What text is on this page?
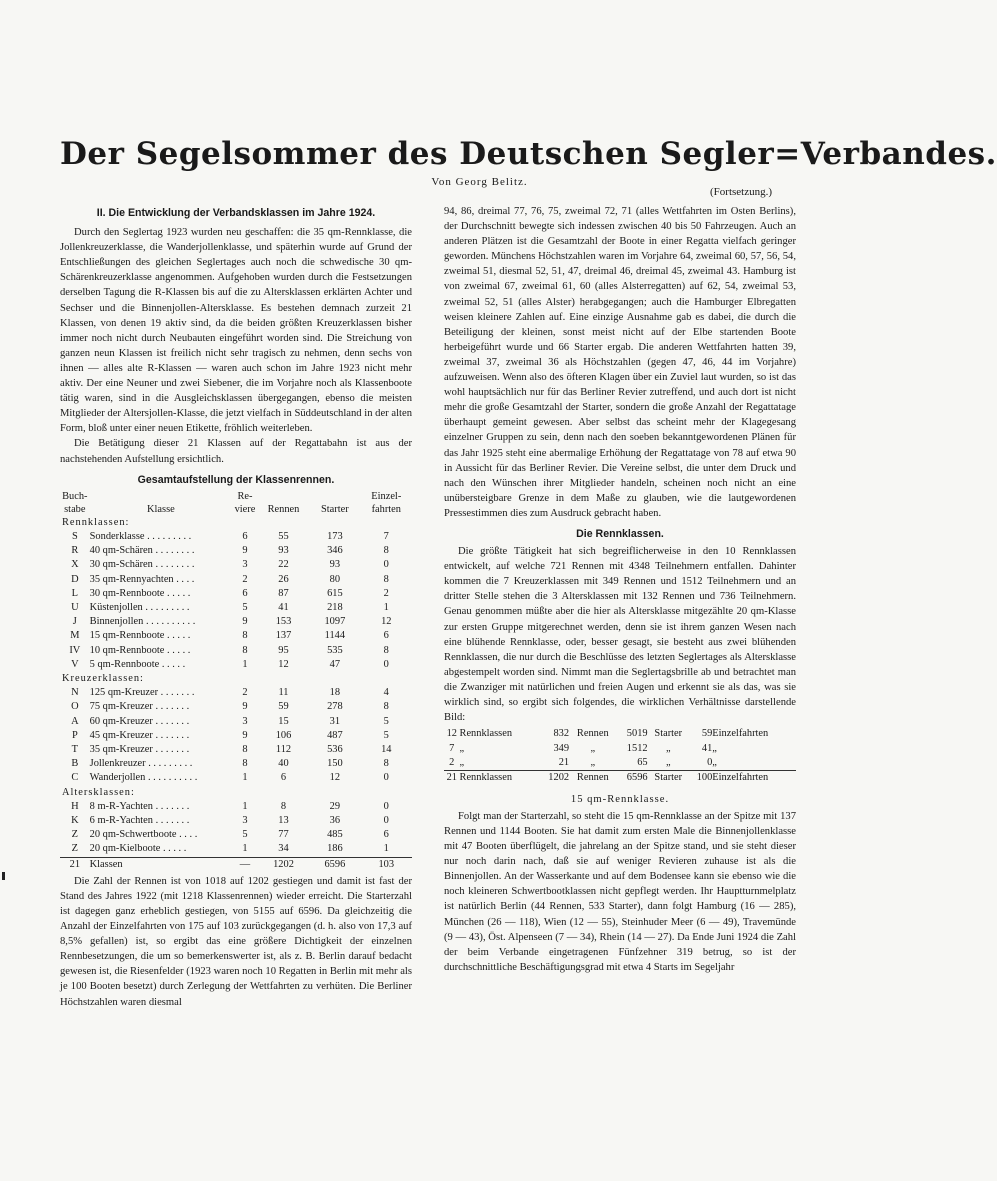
Der Segelsommer des Deutschen Segler=Verbandes.
Von Georg Belitz.
(Fortsetzung.)
II. Die Entwicklung der Verbandsklassen im Jahre 1924.

Durch den Seglertag 1923 wurden neu geschaffen: die 35 qm-Rennklasse, die Jollenkreuzerklasse, die Wanderjollenklasse, und späterhin wurde auf Grund der Entschließungen des gleichen Seglertages auch noch die schwedische 30 qm-Schärenkreuzerklasse angenommen. Aufgehoben wurden durch die Festsetzungen derselben Tagung die R-Klassen bis auf die zu Altersklassen erklärten Achter und Sechser und die Binnenjollen-Altersklasse. Es bestehen demnach zurzeit 21 Klassen, von denen 19 aktiv sind, da die beiden größten Kreuzerklassen bisher immer noch nicht durch Neubauten eingeführt worden sind. Die Streichung von ganzen neun Klassen ist freilich nicht sehr tragisch zu nehmen, denn sechs von ihnen — alles alte R-Klassen — waren auch schon im Jahre 1923 nicht mehr aktiv. Der eine Neuner und zwei Siebener, die im Vorjahre noch als Klassenboote tätig waren, sind in die Ausgleichsklassen übergegangen, ebenso die meisten Mitglieder der Altersjollen-Klasse, die jetzt vielfach in Süddeutschland in der alten Form, bloß unter einer neuen Etikette, fröhlich weiterleben.

Die Betätigung dieser 21 Klassen auf der Regattabahn ist aus der nachstehenden Aufstellung ersichtlich.

Gesamtaufstellung der Klassenrennen.
Buch-
stabe	Klasse	Re-
viere	Rennen	Starter	Einzel-
fahrten
Rennklassen:					
S	Sonderklasse . . . . . . . . .	6	55	173	7
R	40 qm-Schären . . . . . . . .	9	93	346	8
X	30 qm-Schären . . . . . . . .	3	22	93	0
D	35 qm-Rennyachten . . . .	2	26	80	8
L	30 qm-Rennboote . . . . .	6	87	615	2
U	Küstenjollen . . . . . . . . .	5	41	218	1
J	Binnenjollen . . . . . . . . . .	9	153	1097	12
M	15 qm-Rennboote . . . . .	8	137	1144	6
IV	10 qm-Rennboote . . . . .	8	95	535	8
V	5 qm-Rennboote . . . . .	1	12	47	0
Kreuzerklassen:					
N	125 qm-Kreuzer . . . . . . .	2	11	18	4
O	75 qm-Kreuzer . . . . . . .	9	59	278	8
A	60 qm-Kreuzer . . . . . . .	3	15	31	5
P	45 qm-Kreuzer . . . . . . .	9	106	487	5
T	35 qm-Kreuzer . . . . . . .	8	112	536	14
B	Jollenkreuzer . . . . . . . . .	8	40	150	8
C	Wanderjollen . . . . . . . . . .	1	6	12	0
Altersklassen:					
H	8 m-R-Yachten . . . . . . .	1	8	29	0
K	6 m-R-Yachten . . . . . . .	3	13	36	0
Z	20 qm-Schwertboote . . . .	5	77	485	6
Z	20 qm-Kielboote . . . . .	1	34	186	1
21	Klassen	—	1202	6596	103

Die Zahl der Rennen ist von 1018 auf 1202 gestiegen und damit ist fast der Stand des Jahres 1922 (mit 1218 Klassenrennen) wieder erreicht. Die Starterzahl ist dagegen ganz erheblich gestiegen, von 5155 auf 6596. Da gleichzeitig die Anzahl der Einzelfahrten von 175 auf 103 zurückgegangen (d. h. also von 17,3 auf 8,5% gefallen) ist, so ergibt das eine größere Dichtigkeit der einzelnen Rennbesetzungen, die um so bemerkenswerter ist, als z. B. Berlin darauf bedacht gewesen ist, die Riesenfelder (1923 waren noch 10 Regatten in Berlin mit mehr als je 100 Booten besetzt) durch Zerlegung der Wettfahrten zu verhüten. Die Berliner Höchstzahlen waren diesmal

94, 86, dreimal 77, 76, 75, zweimal 72, 71 (alles Wettfahrten im Osten Berlins), der Durchschnitt bewegte sich indessen zwischen 40 bis 50 Fahrzeugen. Auch an anderen Plätzen ist die Gesamtzahl der Boote in einer Regatta vielfach geringer geworden. Münchens Höchstzahlen waren im Vorjahre 64, zweimal 60, 57, 56, 54, zweimal 51, diesmal 52, 51, 47, dreimal 46, dreimal 45, zweimal 43. Hamburg ist von zweimal 67, zweimal 61, 60 (alles Alsterregatten) auf 62, 54, zweimal 53, zweimal 52, 51 (alles Alster) herabgegangen; auch die Hamburger Elbregatten weisen kleinere Zahlen auf. Eine einzige Ausnahme gab es dabei, die durch die Beteiligung der kleinen, sonst meist nicht auf der Elbe startenden Boote herbeigeführt wurde und 66 Starter ergab. Die anderen Wettfahrten hatten 39, zweimal 37, zweimal 36 als Höchstzahlen (gegen 47, 46, 44 im Vorjahre) aufzuweisen. Wenn also des öfteren Klagen über ein Zuviel laut wurden, so ist das wohl hauptsächlich nur für das Berliner Revier zutreffend, und auch dort ist nicht mehr die große Gesamtzahl der Starter, sondern die große Anzahl der Regattatage überhaupt gemeint gewesen. Aber selbst das scheint mehr der Klagegesang einzelner Gruppen zu sein, denn nach den soeben bekanntgewordenen Plänen für das Jahr 1925 steht eine abermalige Erhöhung der Regattatage von 78 auf etwa 90 in Aussicht für das Berliner Revier. Die Vereine selbst, die unter dem Druck und nach den Wünschen ihrer Mitglieder handeln, scheinen noch nicht an eine unübersteigbare Grenze in dem Maße zu glauben, wie die lautgewordenen Pressestimmen dies zum Ausdruck gebracht haben.

Die Rennklassen.

Die größte Tätigkeit hat sich begreiflicherweise in den 10 Rennklassen entwickelt, auf welche 721 Rennen mit 4348 Teilnehmern entfallen. Dahinter kommen die 7 Kreuzerklassen mit 349 Rennen und 1512 Teilnehmern und an dritter Stelle stehen die 3 Altersklassen mit 132 Rennen und 736 Teilnehmern. Genau genommen müßte aber die hier als Altersklasse mitgezählte 20 qm-Klasse zur ersten Gruppe mitgerechnet werden, denn sie ist ihrem ganzen Wesen nach eine blühende Rennklasse, oder, besser gesagt, sie besteht aus zwei blühenden Rennklassen, die nur durch die Beschlüsse des letzten Seglertages als Altersklasse abgestempelt worden sind. Nimmt man die Seglertagsbrille ab und betrachtet man die Zwanziger mit natürlichen und freien Augen und erkennt sie als das, was sie wirklich sind, so ergibt sich folgendes, die wirklichen Verhältnisse darstellende Bild:

12	Rennklassen	832	Rennen	5019	Starter	59	Einzelfahrten
7	„	349	„	1512	„	41	„
2	„	21	„	65	„	0	„
21	Rennklassen	1202	Rennen	6596	Starter	100	Einzelfahrten
15 qm-Rennklasse.

Folgt man der Starterzahl, so steht die 15 qm-Rennklasse an der Spitze mit 137 Rennen und 1144 Booten. Sie hat damit zum ersten Male die Binnenjollenklasse mit 47 Booten überflügelt, die jahrelang an der Spitze stand, und sie steht dieser nur noch darin nach, daß sie auf weniger Revieren zuhause ist als die Binnenjollen. An der Wasserkante und auf dem Bodensee kann sie ebenso wie die noch kleineren Schwertbootklassen nicht gepflegt werden. Ihr Hauptturnmelplatz ist natürlich Berlin (44 Rennen, 533 Starter), dann folgt Hamburg (16 — 285), München (26 — 118), Wien (12 — 55), Steinhuder Meer (6 — 49), Travemünde (9 — 43), Öst. Alpenseen (7 — 34), Rhein (14 — 27). Da Ende Juni 1924 die Zahl der beim Verbande eingetragenen Fünfzehner 319 betrug, so ist der durchschnittliche Beschäftigungsgrad mit etwa 4 Starts im Segeljahr
